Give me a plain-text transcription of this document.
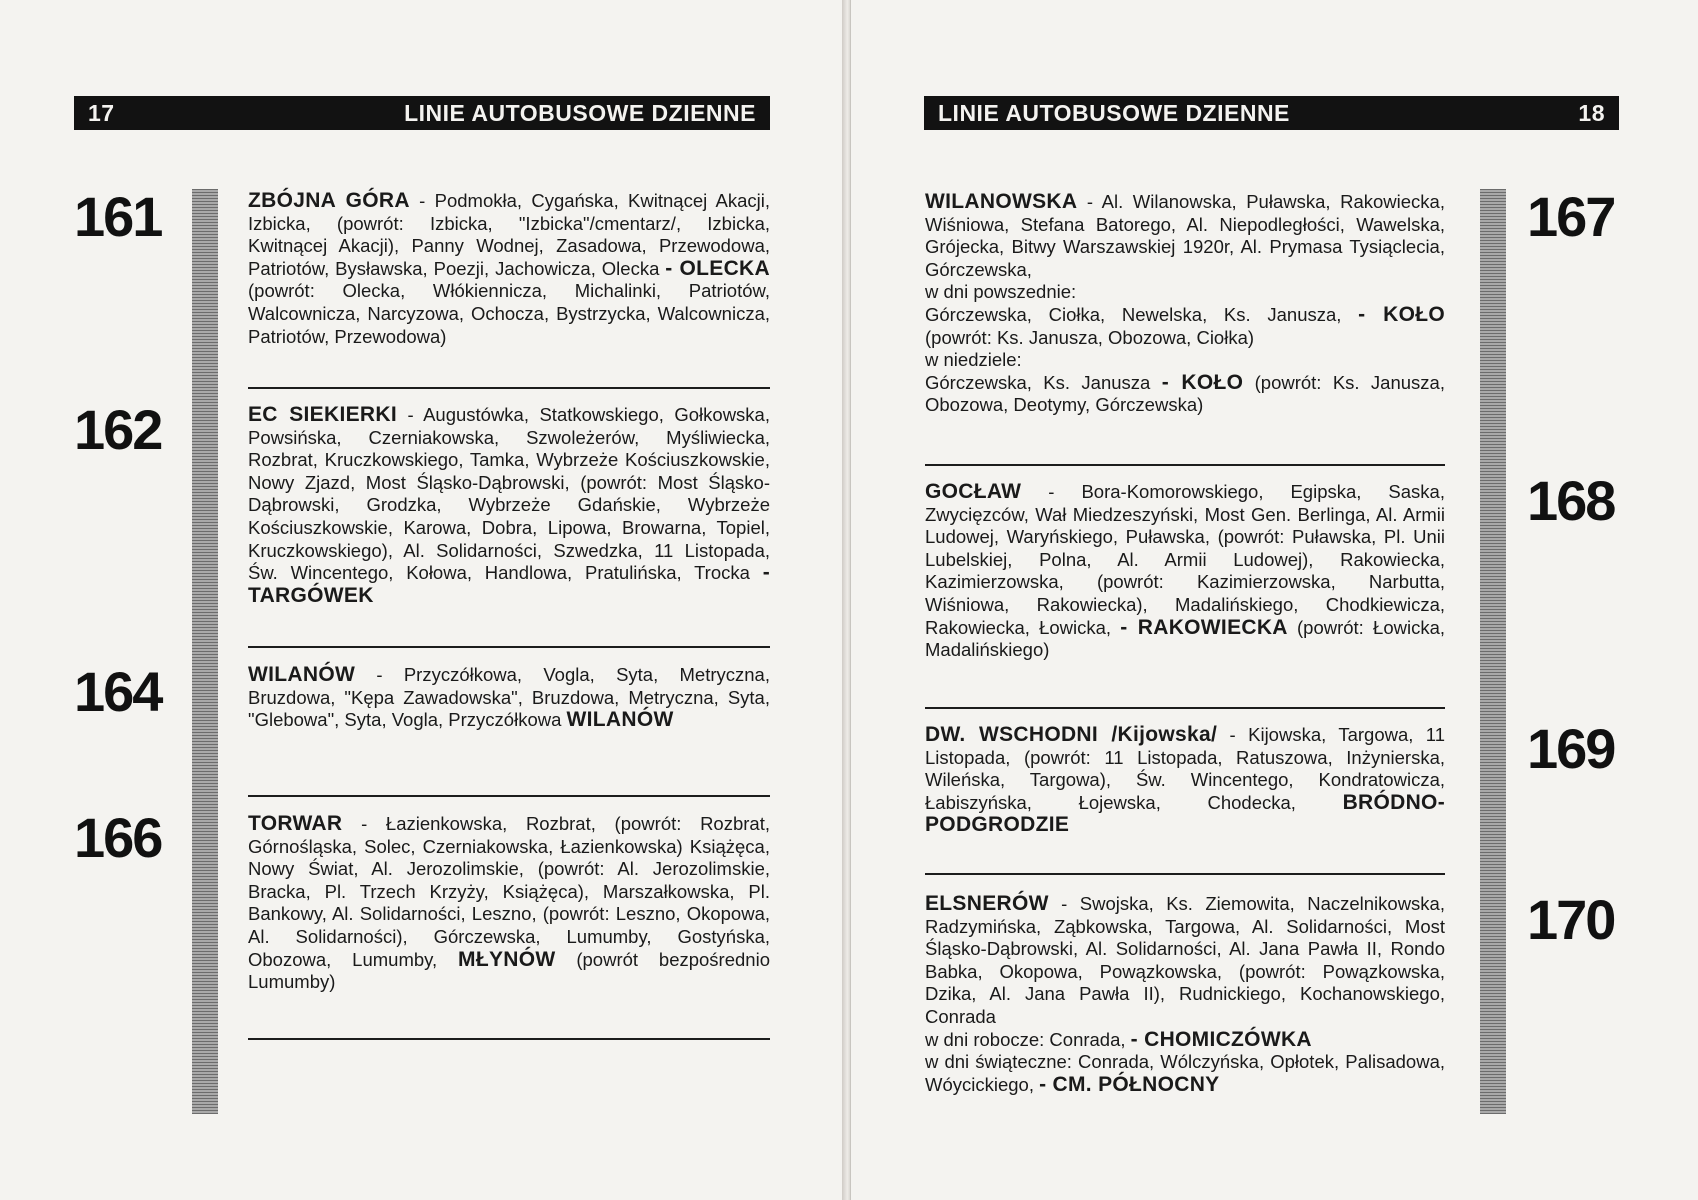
17	LINIE AUTOBUSOWE DZIENNE
161	ZBÓJNA GÓRA - Podmokła, Cygańska, Kwitnącej Akacji, Izbicka, (powrót: Izbicka, "Izbicka"/cmentarz/, Izbicka, Kwitnącej Akacji), Panny Wodnej, Zasadowa, Przewodowa, Patriotów, Bysławska, Poezji, Jachowicza, Olecka - OLECKA (powrót: Olecka, Włókiennicza, Michalinki, Patriotów, Walcownicza, Narcyzowa, Ochocza, Bystrzycka, Walcownicza, Patriotów, Przewodowa)
162	EC SIEKIERKI - Augustówka, Statkowskiego, Gołkowska, Powsińska, Czerniakowska, Szwoleżerów, Myśliwiecka, Rozbrat, Kruczkowskiego, Tamka, Wybrzeże Kościuszkowskie, Nowy Zjazd, Most Śląsko-Dąbrowski, (powrót: Most Śląsko-Dąbrowski, Grodzka, Wybrzeże Gdańskie, Wybrzeże Kościuszkowskie, Karowa, Dobra, Lipowa, Browarna, Topiel, Kruczkowskiego), Al. Solidarności, Szwedzka, 11 Listopada, Św. Wincentego, Kołowa, Handlowa, Pratulińska, Trocka - TARGÓWEK
164	WILANÓW - Przyczółkowa, Vogla, Syta, Metryczna, Bruzdowa, "Kępa Zawadowska", Bruzdowa, Metryczna, Syta, "Glebowa", Syta, Vogla, Przyczółkowa WILANÓW
166	TORWAR - Łazienkowska, Rozbrat, (powrót: Rozbrat, Górnośląska, Solec, Czerniakowska, Łazienkowska) Książęca, Nowy Świat, Al. Jerozolimskie, (powrót: Al. Jerozolimskie, Bracka, Pl. Trzech Krzyży, Książęca), Marszałkowska, Pl. Bankowy, Al. Solidarności, Leszno, (powrót: Leszno, Okopowa, Al. Solidarności), Górczewska, Lumumby, Gostyńska, Obozowa, Lumumby, MŁYNÓW (powrót bezpośrednio Lumumby)
LINIE AUTOBUSOWE DZIENNE	18
167
WILANOWSKA - Al. Wilanowska, Puławska, Rakowiecka, Wiśniowa, Stefana Batorego, Al. Niepodległości, Wawelska, Grójecka, Bitwy Warszawskiej 1920r, Al. Prymasa Tysiąclecia, Górczewska,
w dni powszednie:
Górczewska, Ciołka, Newelska, Ks. Janusza, - KOŁO (powrót: Ks. Janusza, Obozowa, Ciołka)
w niedziele:
Górczewska, Ks. Janusza - KOŁO (powrót: Ks. Janusza, Obozowa, Deotymy, Górczewska)
168
GOCŁAW - Bora-Komorowskiego, Egipska, Saska, Zwycięzców, Wał Miedzeszyński, Most Gen. Berlinga, Al. Armii Ludowej, Waryńskiego, Puławska, (powrót: Puławska, Pl. Unii Lubelskiej, Polna, Al. Armii Ludowej), Rakowiecka, Kazimierzowska, (powrót: Kazimierzowska, Narbutta, Wiśniowa, Rakowiecka), Madalińskiego, Chodkiewicza, Rakowiecka, Łowicka, - RAKOWIECKA (powrót: Łowicka, Madalińskiego)
169
DW. WSCHODNI /Kijowska/ - Kijowska, Targowa, 11 Listopada, (powrót: 11 Listopada, Ratuszowa, Inżynierska, Wileńska, Targowa), Św. Wincentego, Kondratowicza, Łabiszyńska, Łojewska, Chodecka, BRÓDNO-PODGRODZIE
170
ELSNERÓW - Swojska, Ks. Ziemowita, Naczelnikowska, Radzymińska, Ząbkowska, Targowa, Al. Solidarności, Most Śląsko-Dąbrowski, Al. Solidarności, Al. Jana Pawła II, Rondo Babka, Okopowa, Powązkowska, (powrót: Powązkowska, Dzika, Al. Jana Pawła II), Rudnickiego, Kochanowskiego, Conrada
w dni robocze: Conrada, - CHOMICZÓWKA
w dni świąteczne: Conrada, Wólczyńska, Opłotek, Palisadowa, Wóycickiego, - CM. PÓŁNOCNY
